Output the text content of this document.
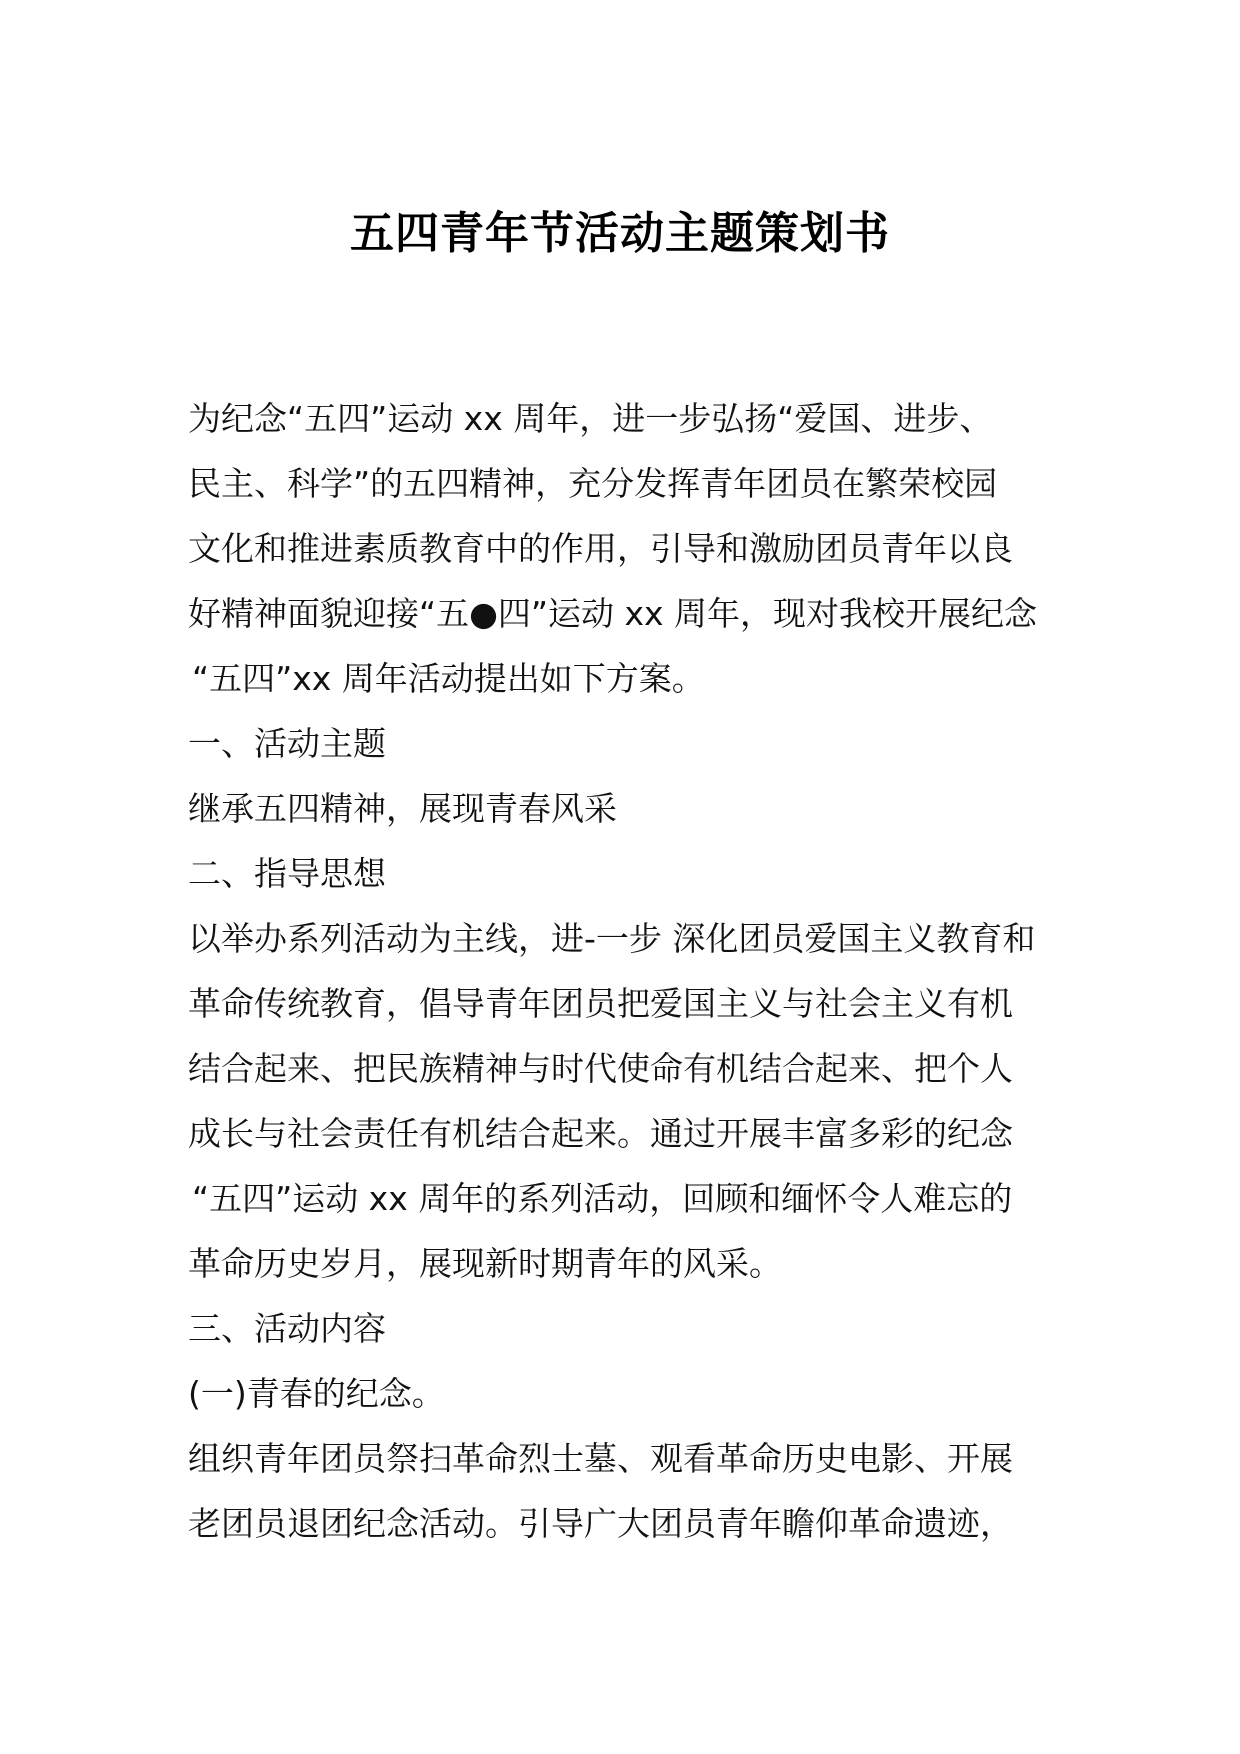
五四青年节活动主题策划书
为纪念“五四”运动 xx 周年，进一步弘扬“爱国、进步、
民主、科学”的五四精神，充分发挥青年团员在繁荣校园
文化和推进素质教育中的作用，引导和激励团员青年以良
好精神面貌迎接“五●四”运动 xx 周年，现对我校开展纪念
“五四”xx 周年活动提出如下方案。
一、活动主题
继承五四精神，展现青春风采
二、指导思想
以举办系列活动为主线，进-一步 深化团员爱国主义教育和
革命传统教育，倡导青年团员把爱国主义与社会主义有机
结合起来、把民族精神与时代使命有机结合起来、把个人
成长与社会责任有机结合起来。通过开展丰富多彩的纪念
“五四”运动 xx 周年的系列活动，回顾和缅怀令人难忘的
革命历史岁月，展现新时期青年的风采。
三、活动内容
(一)青春的纪念。
组织青年团员祭扫革命烈士墓、观看革命历史电影、开展
老团员退团纪念活动。引导广大团员青年瞻仰革命遗迹，
